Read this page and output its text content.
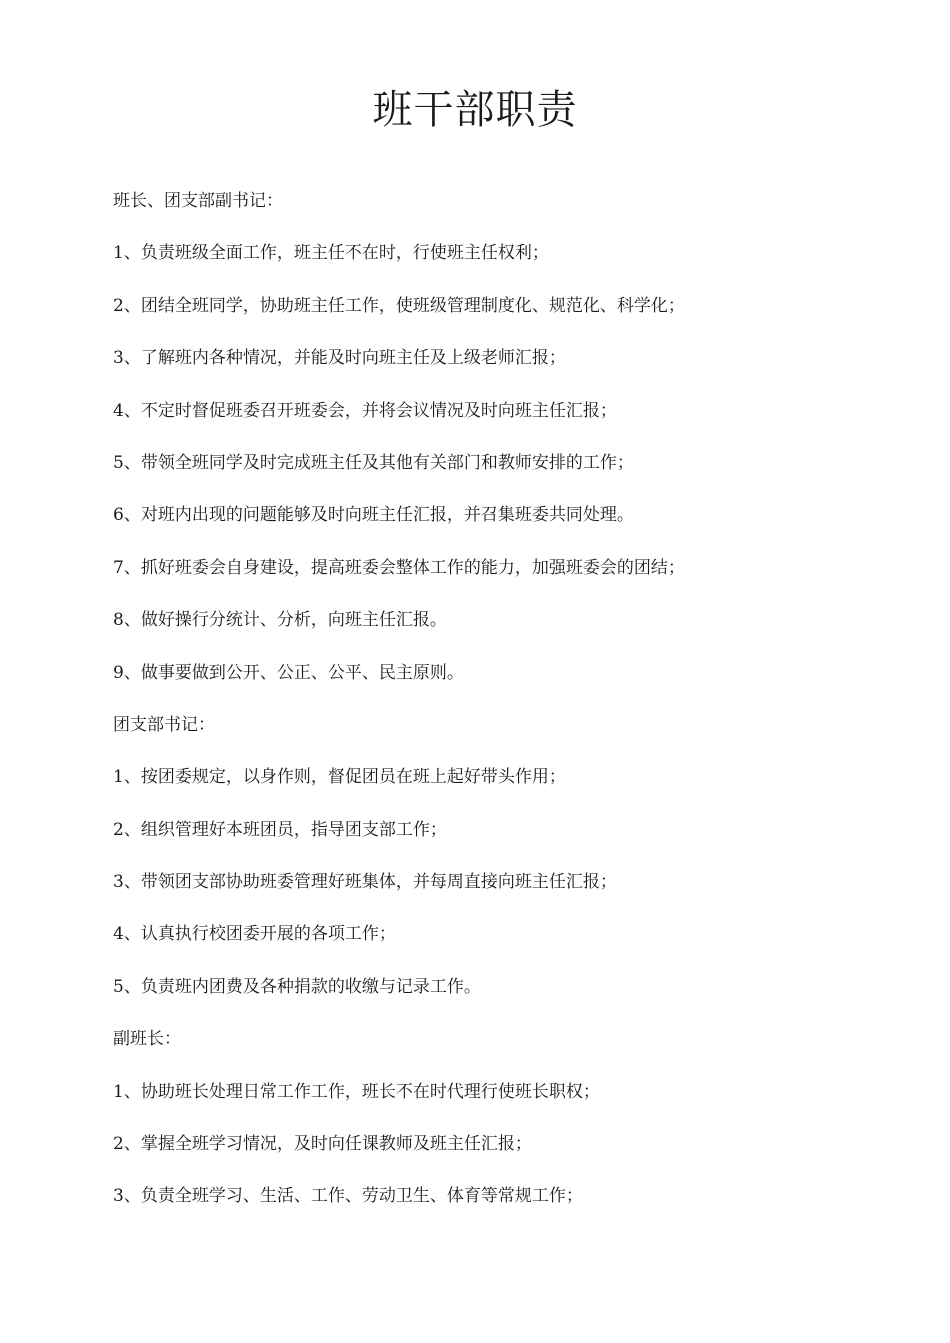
班干部职责

班长、团支部副书记：

1、负责班级全面工作，班主任不在时，行使班主任权利；

2、团结全班同学，协助班主任工作，使班级管理制度化、规范化、科学化；

3、了解班内各种情况，并能及时向班主任及上级老师汇报；

4、不定时督促班委召开班委会，并将会议情况及时向班主任汇报；

5、带领全班同学及时完成班主任及其他有关部门和教师安排的工作；

6、对班内出现的问题能够及时向班主任汇报，并召集班委共同处理。

7、抓好班委会自身建设，提高班委会整体工作的能力，加强班委会的团结；

8、做好操行分统计、分析，向班主任汇报。

9、做事要做到公开、公正、公平、民主原则。

团支部书记：

1、按团委规定，以身作则，督促团员在班上起好带头作用；

2、组织管理好本班团员，指导团支部工作；

3、带领团支部协助班委管理好班集体，并每周直接向班主任汇报；

4、认真执行校团委开展的各项工作；

5、负责班内团费及各种捐款的收缴与记录工作。

副班长：

1、协助班长处理日常工作工作，班长不在时代理行使班长职权；

2、掌握全班学习情况，及时向任课教师及班主任汇报；

3、负责全班学习、生活、工作、劳动卫生、体育等常规工作；
